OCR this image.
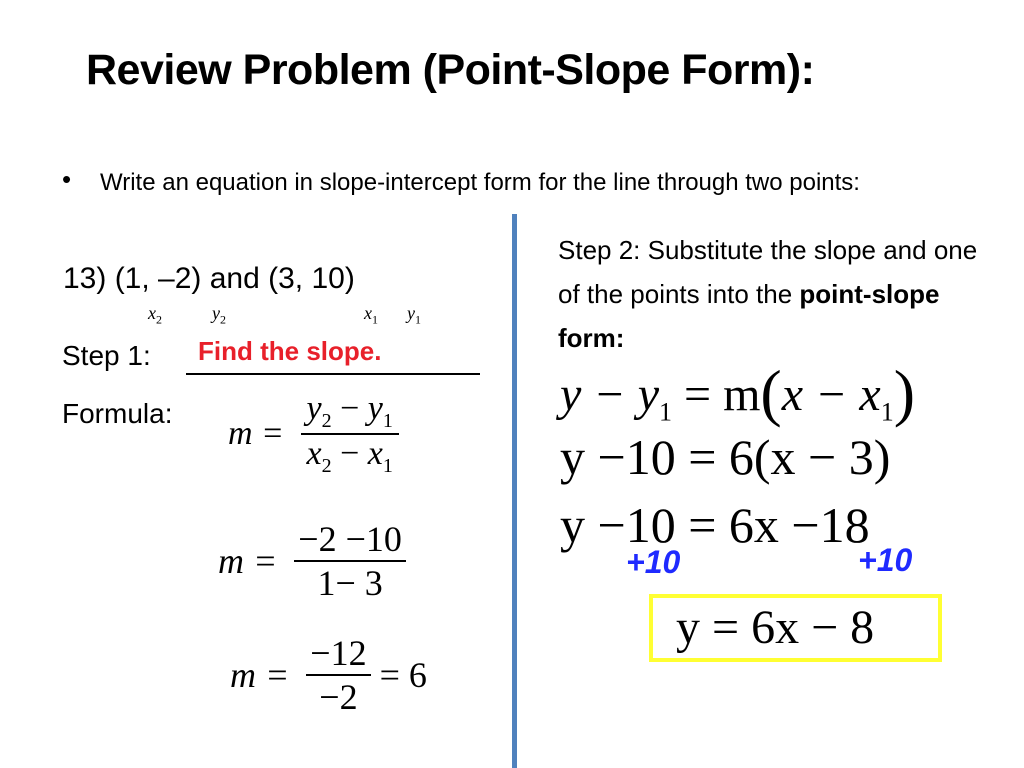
Review Problem (Point-Slope Form):
• Write an equation in slope-intercept form for the line through two points:
13) (1, –2) and (3, 10)
$x_2$	$y_2$	$x_1$ $y_1$
Step 1: Find the slope.
Formula:
$m = \frac{y_2 - y_1}{x_2 - x_1}$
$m = \frac{-2 -10}{1- 3}$
$m = \frac{-12}{-2} = 6$
Step 2: Substitute the slope and one of the points into the point-slope form:
$y - y_1 = m(x - x_1)$
y −10 = 6(x − 3)
y −10 = 6x −18
+10	+10
y = 6x − 8
